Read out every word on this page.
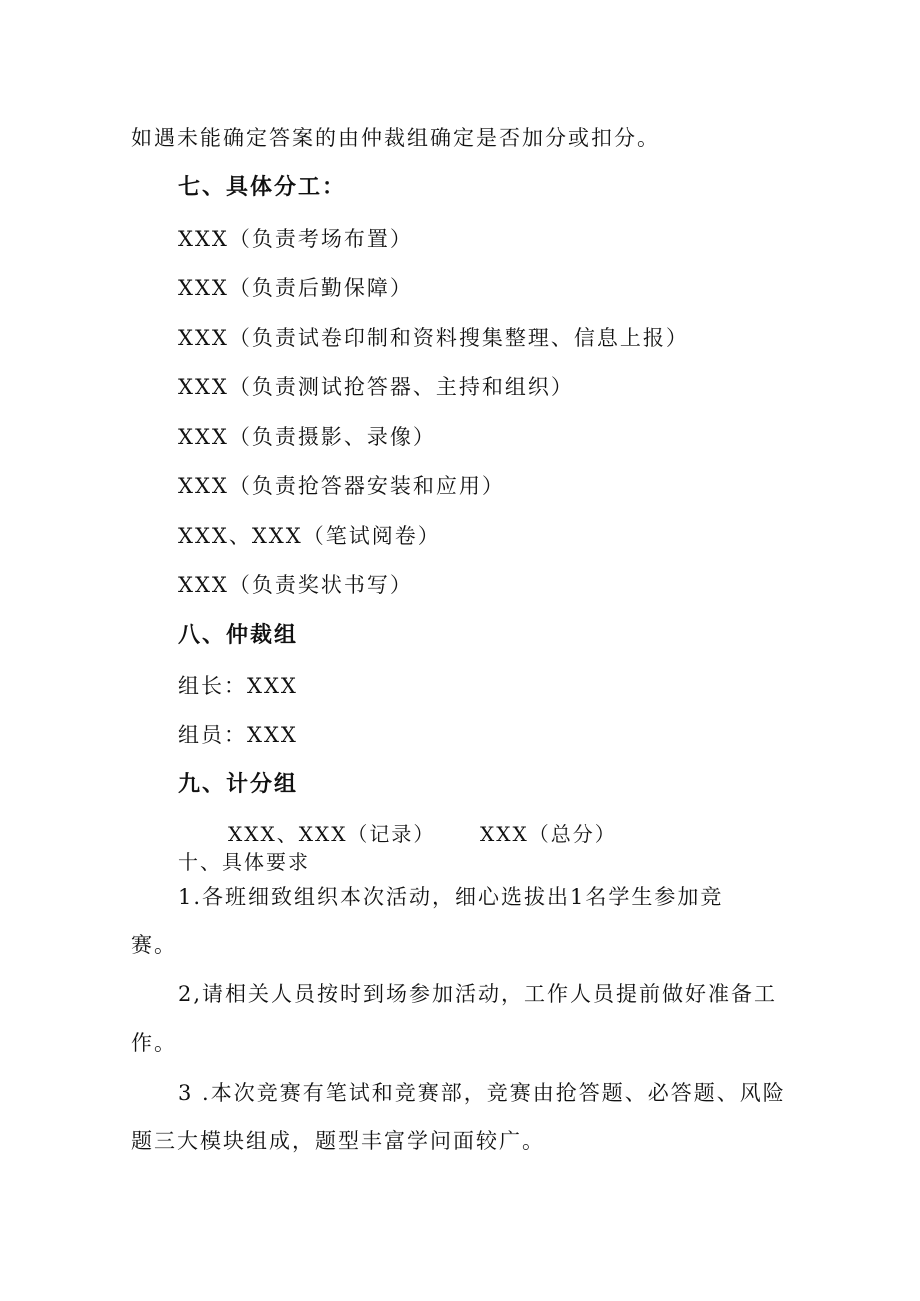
如遇未能确定答案的由仲裁组确定是否加分或扣分。
七、具体分工：
XXX（负责考场布置）
XXX（负责后勤保障）
XXX（负责试卷印制和资料搜集整理、信息上报）
XXX（负责测试抢答器、主持和组织）
XXX（负责摄影、录像）
XXX（负责抢答器安装和应用）
XXX、XXX（笔试阅卷）
XXX（负责奖状书写）
八、仲裁组
组长：XXX
组员：XXX
九、计分组
XXX、XXX（记录） XXX（总分）
十、具体要求
1.各班细致组织本次活动，细心选拔出1名学生参加竞
赛。
2,请相关人员按时到场参加活动，工作人员提前做好准备工
作。
3 .本次竞赛有笔试和竞赛部，竞赛由抢答题、必答题、风险
题三大模块组成，题型丰富学问面较广。
